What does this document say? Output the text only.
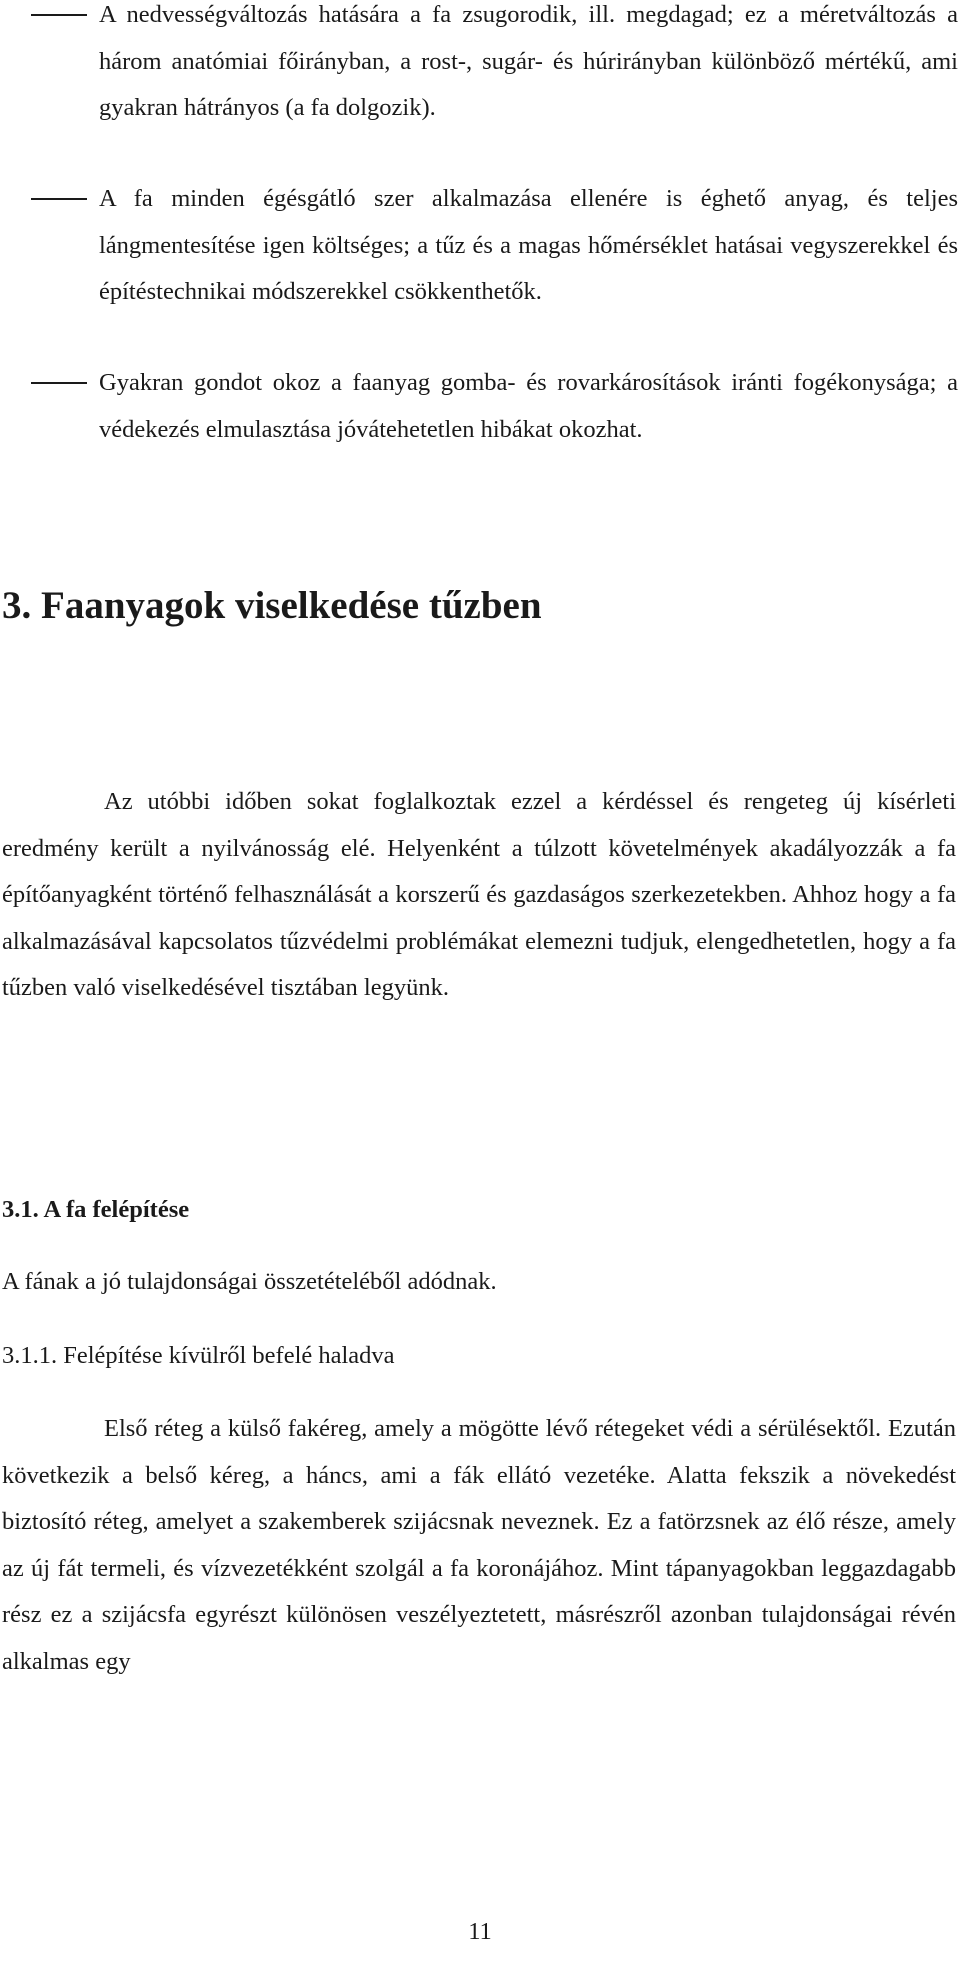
A nedvességváltozás hatására a fa zsugorodik, ill. megdagad; ez a méretváltozás a három anatómiai főirányban, a rost-, sugár- és húrirányban különböző mértékű, ami gyakran hátrányos (a fa dolgozik).

A fa minden égésgátló szer alkalmazása ellenére is éghető anyag, és teljes lángmentesítése igen költséges; a tűz és a magas hőmérséklet hatásai vegyszerekkel és építéstechnikai módszerekkel csökkenthetők.

Gyakran gondot okoz a faanyag gomba- és rovarkárosítások iránti fogékonysága; a védekezés elmulasztása jóvátehetetlen hibákat okozhat.

3. Faanyagok viselkedése tűzben

Az utóbbi időben sokat foglalkoztak ezzel a kérdéssel és rengeteg új kísérleti eredmény került a nyilvánosság elé. Helyenként a túlzott követelmények akadályozzák a fa építőanyagként történő felhasználását a korszerű és gazdaságos szerkezetekben. Ahhoz hogy a fa alkalmazásával kapcsolatos tűzvédelmi problémákat elemezni tudjuk, elengedhetetlen, hogy a fa tűzben való viselkedésével tisztában legyünk.

3.1. A fa felépítése

A fának a jó tulajdonságai összetételéből adódnak.

3.1.1. Felépítése kívülről befelé haladva

Első réteg a külső fakéreg, amely a mögötte lévő rétegeket védi a sérülésektől. Ezután következik a belső kéreg, a háncs, ami a fák ellátó vezetéke. Alatta fekszik a növekedést biztosító réteg, amelyet a szakemberek szijácsnak neveznek. Ez a fatörzsnek az élő része, amely az új fát termeli, és vízvezetékként szolgál a fa koronájához. Mint tápanyagokban leggazdagabb rész ez a szijácsfa egyrészt különösen veszélyeztetett, másrészről azonban tulajdonságai révén alkalmas egy

11
